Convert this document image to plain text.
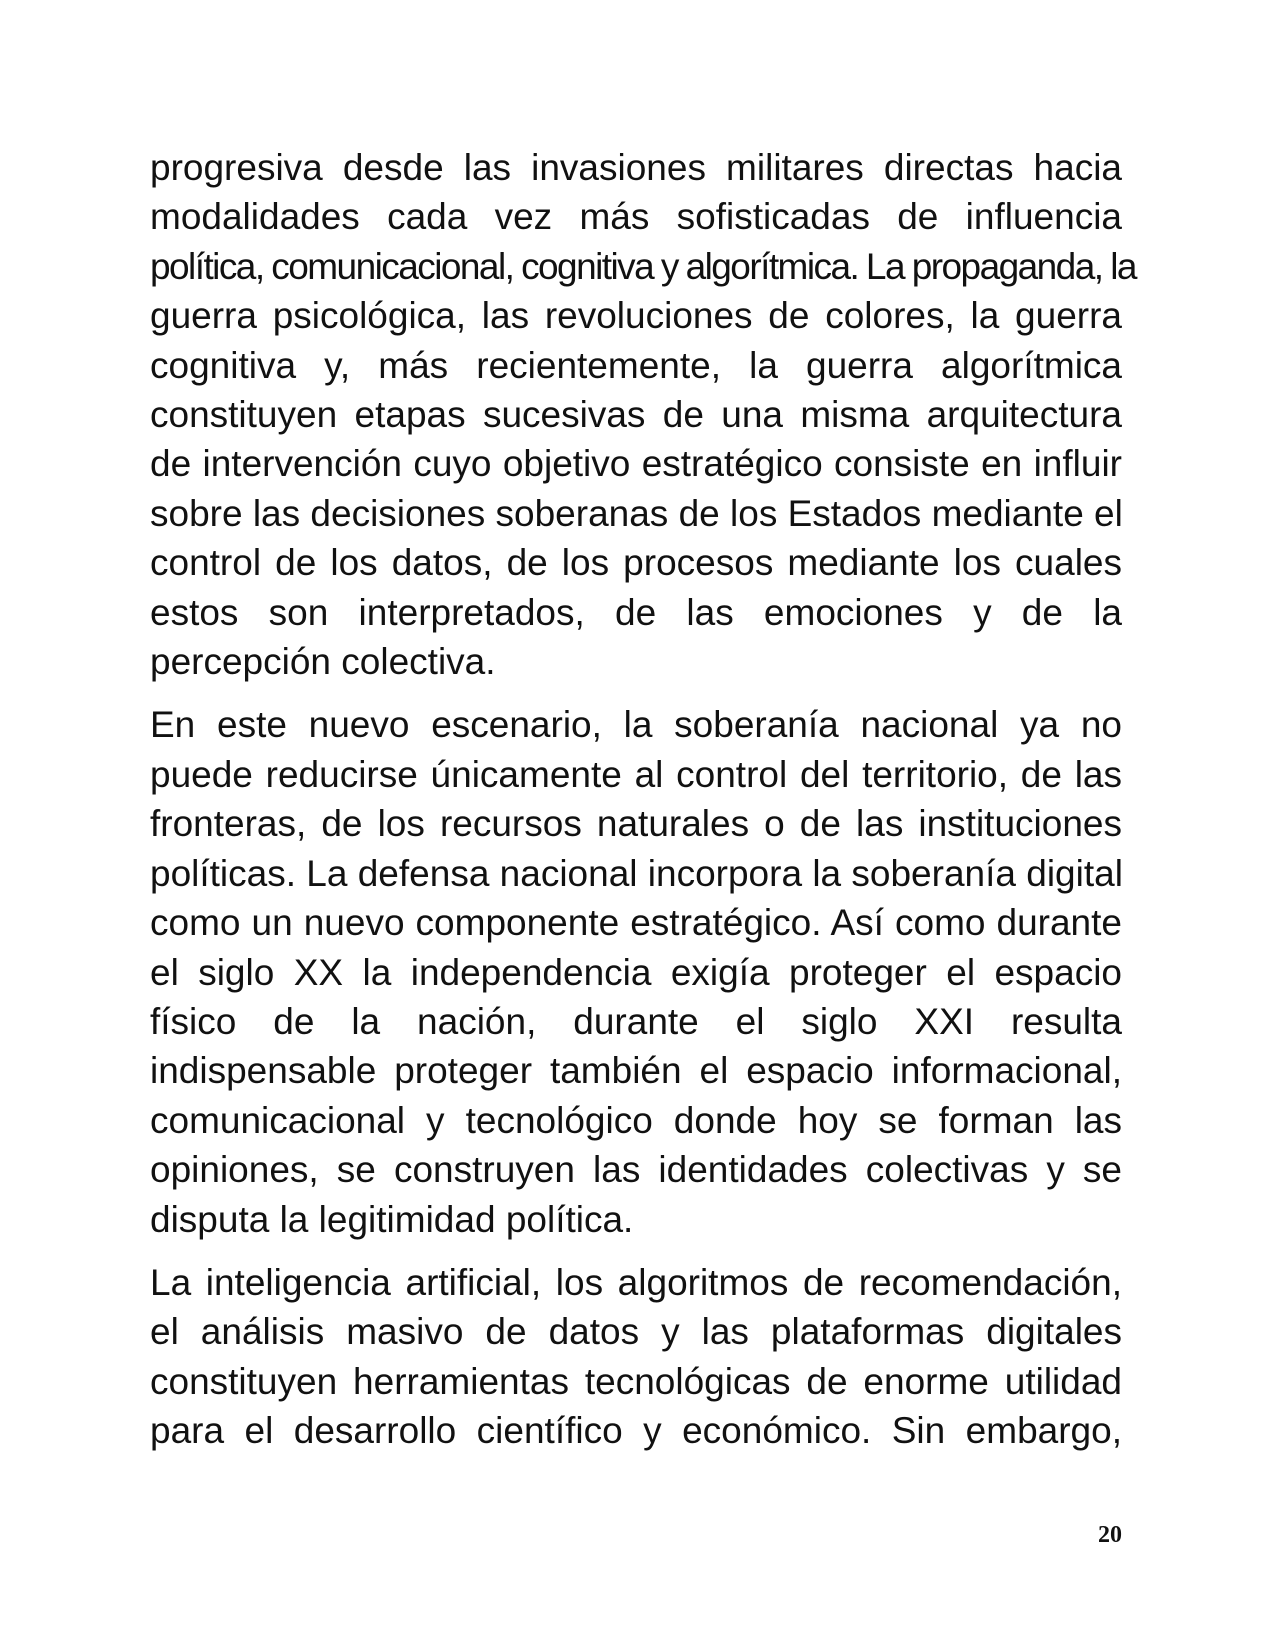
progresiva desde las invasiones militares directas hacia
modalidades cada vez más sofisticadas de influencia
política, comunicacional, cognitiva y algorítmica. La propaganda, la
guerra psicológica, las revoluciones de colores, la guerra
cognitiva y, más recientemente, la guerra algorítmica
constituyen etapas sucesivas de una misma arquitectura
de intervención cuyo objetivo estratégico consiste en influir
sobre las decisiones soberanas de los Estados mediante el
control de los datos, de los procesos mediante los cuales
estos son interpretados, de las emociones y de la
percepción colectiva.

En este nuevo escenario, la soberanía nacional ya no
puede reducirse únicamente al control del territorio, de las
fronteras, de los recursos naturales o de las instituciones
políticas. La defensa nacional incorpora la soberanía digital
como un nuevo componente estratégico. Así como durante
el siglo XX la independencia exigía proteger el espacio
físico de la nación, durante el siglo XXI resulta
indispensable proteger también el espacio informacional,
comunicacional y tecnológico donde hoy se forman las
opiniones, se construyen las identidades colectivas y se
disputa la legitimidad política.

La inteligencia artificial, los algoritmos de recomendación,
el análisis masivo de datos y las plataformas digitales
constituyen herramientas tecnológicas de enorme utilidad
para el desarrollo científico y económico. Sin embargo,

20
